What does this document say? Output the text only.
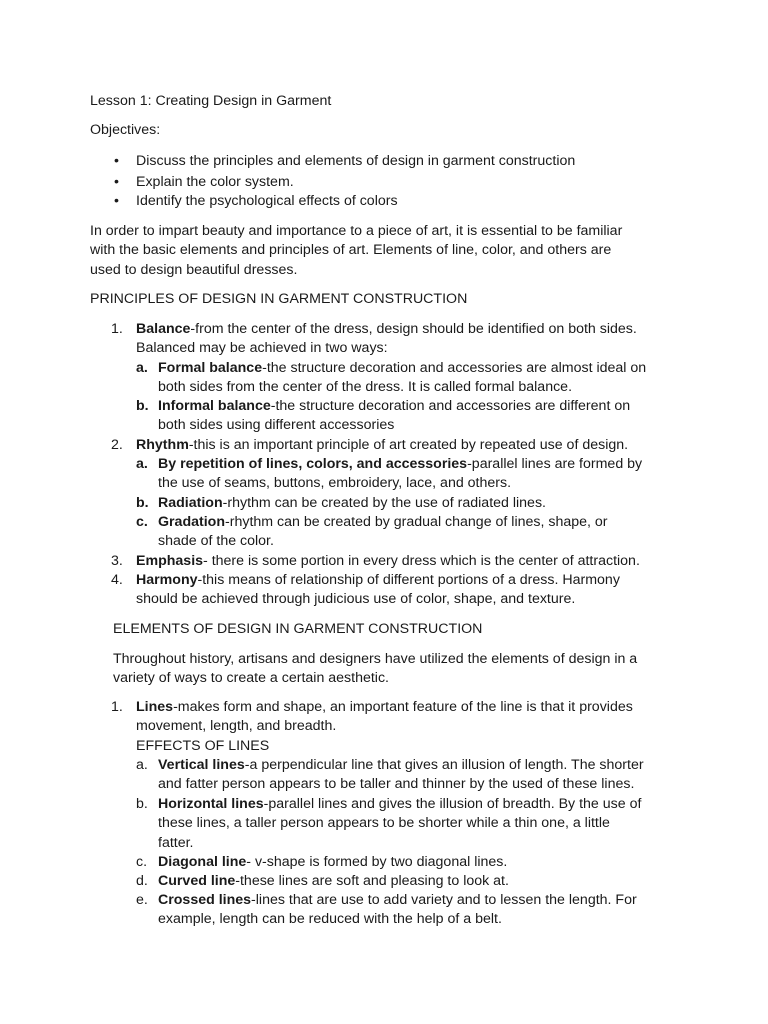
Lesson 1: Creating Design in Garment
Objectives:
•	Discuss the principles and elements of design in garment construction
•	Explain the color system.
•	Identify the psychological effects of colors
In order to impart beauty and importance to a piece of art, it is essential to be familiar
with the basic elements and principles of art. Elements of line, color, and others are
used to design beautiful dresses.
PRINCIPLES OF DESIGN IN GARMENT CONSTRUCTION
1. Balance-from the center of the dress, design should be identified on both sides.
Balanced may be achieved in two ways:
a. Formal balance-the structure decoration and accessories are almost ideal on
both sides from the center of the dress. It is called formal balance.
b. Informal balance-the structure decoration and accessories are different on
both sides using different accessories
2. Rhythm-this is an important principle of art created by repeated use of design.
a. By repetition of lines, colors, and accessories-parallel lines are formed by
the use of seams, buttons, embroidery, lace, and others.
b. Radiation-rhythm can be created by the use of radiated lines.
c. Gradation-rhythm can be created by gradual change of lines, shape, or
shade of the color.
3. Emphasis- there is some portion in every dress which is the center of attraction.
4. Harmony-this means of relationship of different portions of a dress. Harmony
should be achieved through judicious use of color, shape, and texture.
ELEMENTS OF DESIGN IN GARMENT CONSTRUCTION
Throughout history, artisans and designers have utilized the elements of design in a
variety of ways to create a certain aesthetic.
1. Lines-makes form and shape, an important feature of the line is that it provides
movement, length, and breadth.
EFFECTS OF LINES
a. Vertical lines-a perpendicular line that gives an illusion of length. The shorter
and fatter person appears to be taller and thinner by the used of these lines.
b. Horizontal lines-parallel lines and gives the illusion of breadth. By the use of
these lines, a taller person appears to be shorter while a thin one, a little
fatter.
c. Diagonal line- v-shape is formed by two diagonal lines.
d. Curved line-these lines are soft and pleasing to look at.
e. Crossed lines-lines that are use to add variety and to lessen the length. For
example, length can be reduced with the help of a belt.
